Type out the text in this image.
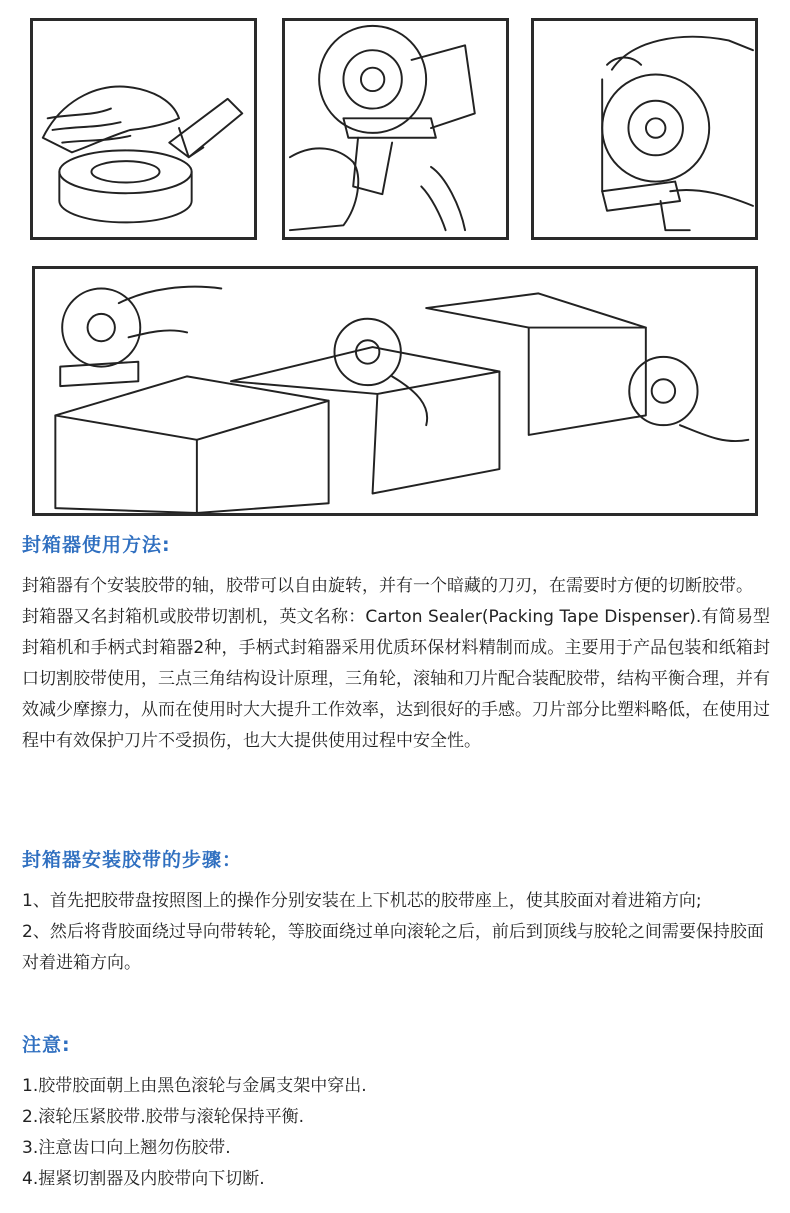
封箱器使用方法:

封箱器有个安装胶带的轴，胶带可以自由旋转，并有一个暗藏的刀刃，在需要时方便的切断胶带。

封箱器又名封箱机或胶带切割机，英文名称：Carton Sealer(Packing Tape Dispenser).有简易型封箱机和手柄式封箱器2种，手柄式封箱器采用优质环保材料精制而成。主要用于产品包装和纸箱封口切割胶带使用，三点三角结构设计原理，三角轮，滚轴和刀片配合装配胶带，结构平衡合理，并有效减少摩擦力，从而在使用时大大提升工作效率，达到很好的手感。刀片部分比塑料略低，在使用过程中有效保护刀片不受损伤，也大大提供使用过程中安全性。

封箱器安装胶带的步骤：

1、首先把胶带盘按照图上的操作分别安装在上下机芯的胶带座上，使其胶面对着进箱方向;

2、然后将背胶面绕过导向带转轮，等胶面绕过单向滚轮之后，前后到顶线与胶轮之间需要保持胶面对着进箱方向。

注意:

1.胶带胶面朝上由黑色滚轮与金属支架中穿出.

2.滚轮压紧胶带.胶带与滚轮保持平衡.

3.注意齿口向上翘勿伤胶带.

4.握紧切割器及内胶带向下切断.
